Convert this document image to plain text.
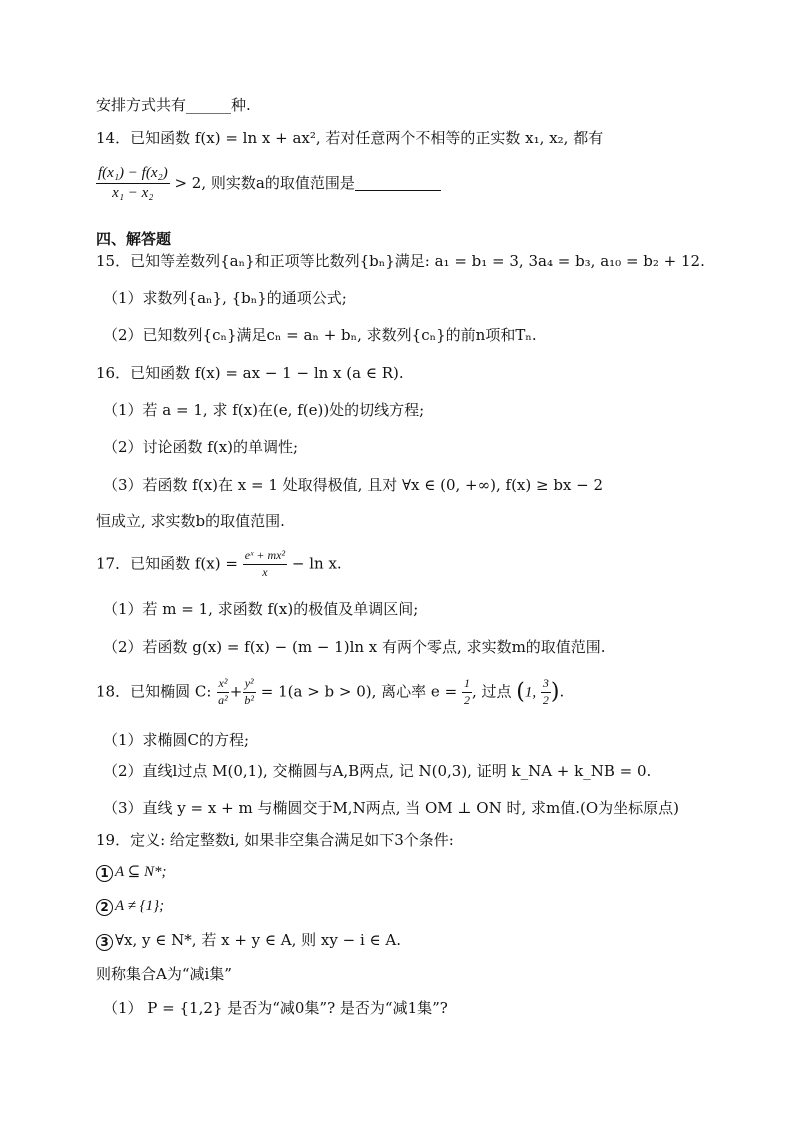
安排方式共有______种.
14．已知函数 f(x) = ln x + ax², 若对任意两个不相等的正实数 x₁, x₂, 都有
$\frac{\text{f(x₁) − f(x₂)}}{\text{x₁ − x₂}} > 2$, 则实数a的取值范围是
四、解答题
15．已知等差数列{aₙ}和正项等比数列{bₙ}满足: a₁ = b₁ = 3, 3a₄ = b₃, a₁₀ = b₂ + 12.
（1）求数列{aₙ}, {bₙ}的通项公式;
（2）已知数列{cₙ}满足cₙ = aₙ + bₙ, 求数列{cₙ}的前n项和Tₙ.
16．已知函数 f(x) = ax − 1 − ln x (a ∈ R).
（1）若 a = 1, 求 f(x)在(e, f(e))处的切线方程;
（2）讨论函数 f(x)的单调性;
（3）若函数 f(x)在 x = 1 处取得极值, 且对 ∀x ∈ (0, +∞), f(x) ≥ bx − 2
恒成立, 求实数b的取值范围.
17．已知函数 $f(x) = \frac{\text{eˣ + mx²}}{x} - \ln x$.
（1）若 m = 1, 求函数 f(x)的极值及单调区间;
（2）若函数 g(x) = f(x) − (m − 1)ln x 有两个零点, 求实数m的取值范围.
18．已知椭圆 C: $\frac{\text{x²}}{\text{a²}} + \frac{\text{y²}}{\text{b²}} = 1(a > b > 0)$, 离心率 $e = \frac{1}{2}$ , 过点 (1, $\frac{3}{2}$ ).
（1）求椭圆C的方程;
（2）直线l过点 M(0,1), 交椭圆与A,B两点, 记 N(0,3), 证明 k_NA + k_NB = 0.
（3）直线 y = x + m 与椭圆交于M,N两点, 当 OM ⊥ ON 时, 求m值.(O为坐标原点)
19．定义: 给定整数i, 如果非空集合满足如下3个条件:
1 A ⊆ N*;
2 A ≠ {1};
3 ∀x, y ∈ N*, 若 x + y ∈ A, 则 xy − i ∈ A.
则称集合A为“减i集”
（1） P = {1,2} 是否为“减0集”? 是否为“减1集”?
